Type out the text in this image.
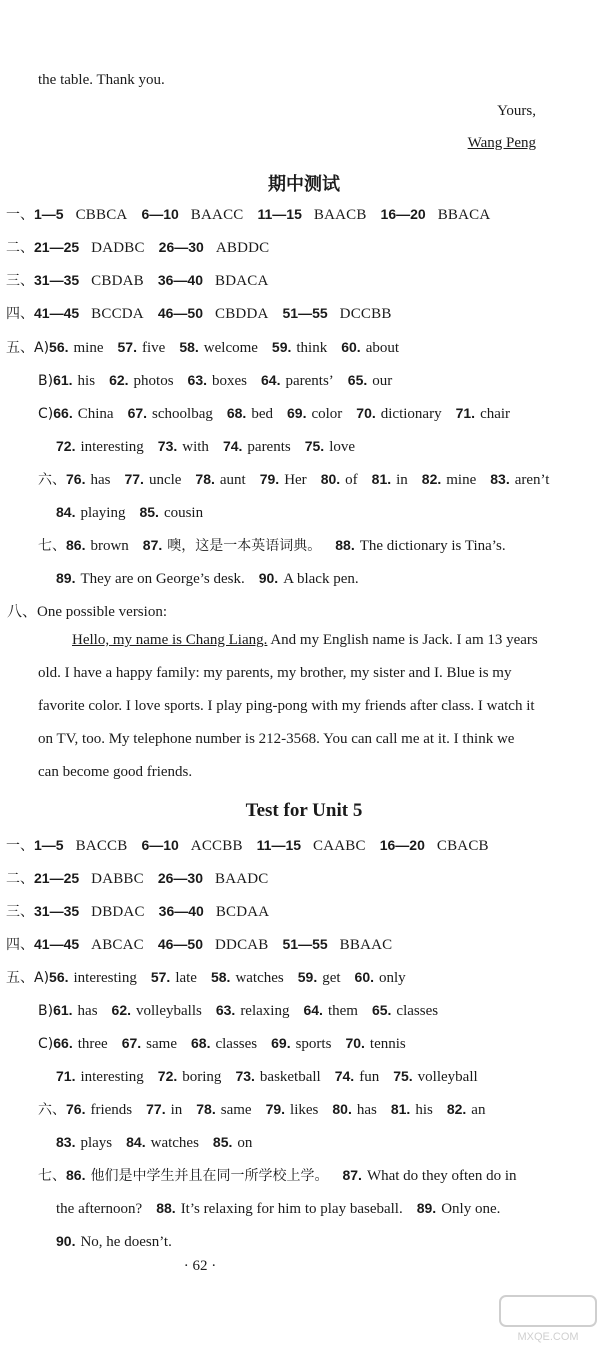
the table. Thank you.
Yours,
Wang Peng
期中测试
一、1—5 CBBCA 6—10 BAACC 11—15 BAACB 16—20 BBACA
二、21—25 DADBC 26—30 ABDDC
三、31—35 CBDAB 36—40 BDACA
四、41—45 BCCDA 46—50 CBDDA 51—55 DCCBB
五、A)56. mine 57. five 58. welcome 59. think 60. about
B)61. his 62. photos 63. boxes 64. parents’ 65. our
C)66. China 67. schoolbag 68. bed 69. color 70. dictionary 71. chair
72. interesting 73. with 74. parents 75. love
六、76. has 77. uncle 78. aunt 79. Her 80. of 81. in 82. mine 83. aren’t
84. playing 85. cousin
七、86. brown 87. 噢，这是一本英语词典。 88. The dictionary is Tina’s.
89. They are on George’s desk. 90. A black pen.
八、One possible version:
Hello, my name is Chang Liang. And my English name is Jack. I am 13 years old. I have a happy family: my parents, my brother, my sister and I. Blue is my favorite color. I love sports. I play ping-pong with my friends after class. I watch it on TV, too. My telephone number is 212-3568. You can call me at it. I think we can become good friends.
Test for Unit 5
一、1—5 BACCB 6—10 ACCBB 11—15 CAABC 16—20 CBACB
二、21—25 DABBC 26—30 BAADC
三、31—35 DBDAC 36—40 BCDAA
四、41—45 ABCAC 46—50 DDCAB 51—55 BBAAC
五、A)56. interesting 57. late 58. watches 59. get 60. only
B)61. has 62. volleyballs 63. relaxing 64. them 65. classes
C)66. three 67. same 68. classes 69. sports 70. tennis
71. interesting 72. boring 73. basketball 74. fun 75. volleyball
六、76. friends 77. in 78. same 79. likes 80. has 81. his 82. an
83. plays 84. watches 85. on
七、86. 他们是中学生并且在同一所学校上学。 87. What do they often do in
the afternoon? 88. It’s relaxing for him to play baseball. 89. Only one.
90. No, he doesn’t.
· 62 ·
MXQE.COM
